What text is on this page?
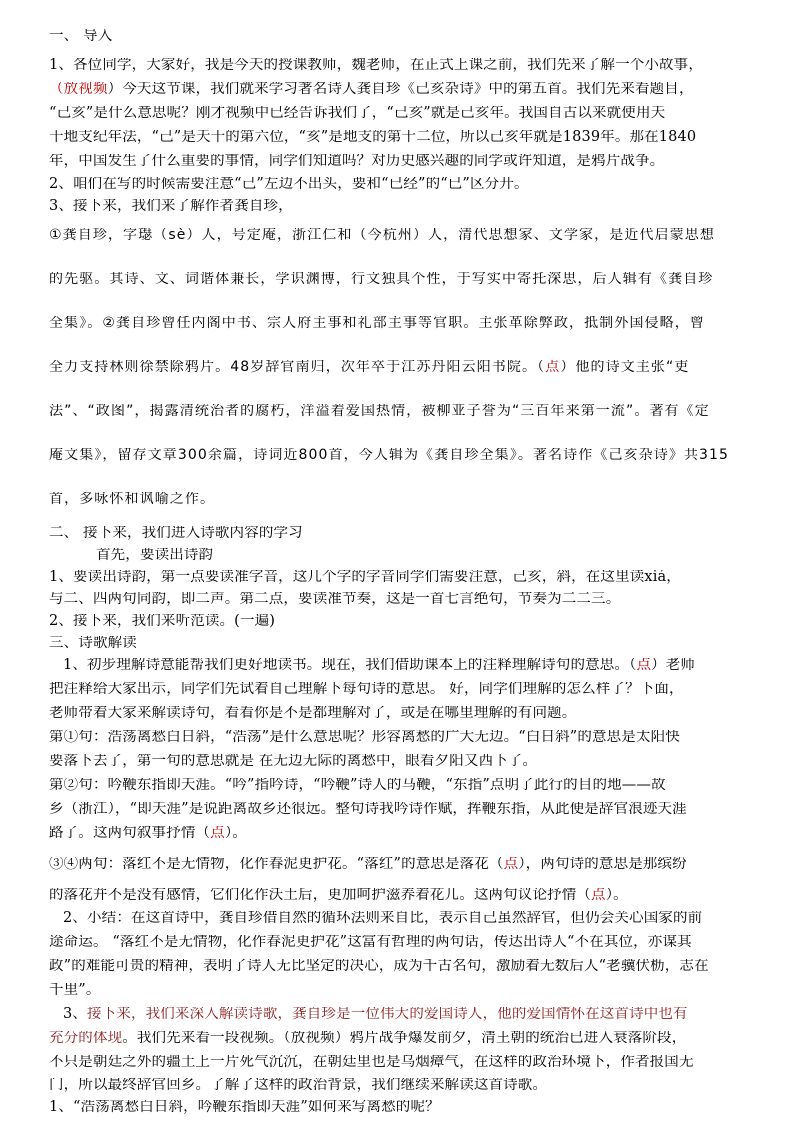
一、 导入
1、各位同学，大家好，我是今天的授课教师，魏老师，在正式上课之前，我们先来了解一个小故事，
（放视频）今天这节课，我们就来学习著名诗人龚自珍《己亥杂诗》中的第五首。我们先来看题目，
“己亥”是什么意思呢？刚才视频中已经告诉我们了，“己亥”就是己亥年。我国自古以来就使用天
干地支纪年法，“己”是天干的第六位，“亥”是地支的第十二位，所以己亥年就是1839年。那在1840
年，中国发生了什么重要的事情，同学们知道吗？对历史感兴趣的同学或许知道，是鸦片战争。
2、咱们在写的时候需要注意“己”左边不出头，要和“已经”的“已”区分开。
3、接下来，我们来了解作者龚自珍，
①龚自珍，字璱（sè）人，号定庵，浙江仁和（今杭州）人，清代思想家、文学家，是近代启蒙思想
的先驱。其诗、文、词谐体兼长，学识渊博，行文独具个性，于写实中寄托深思，后人辑有《龚自珍
全集》。②龚自珍曾任内阁中书、宗人府主事和礼部主事等官职。主张革除弊政，抵制外国侵略，曾
全力支持林则徐禁除鸦片。48岁辞官南归，次年卒于江苏丹阳云阳书院。（点）他的诗文主张“吏
法”、“政图”，揭露清统治者的腐朽，洋溢着爱国热情，被柳亚子誉为“三百年来第一流”。著有《定
庵文集》，留存文章300余篇，诗词近800首，今人辑为《龚自珍全集》。著名诗作《己亥杂诗》共315
首，多咏怀和讽喻之作。
二、 接下来，我们进入诗歌内容的学习
首先，要读出诗韵
1、要读出诗韵，第一点要读准字音，这几个字的字音同学们需要注意，己亥，斜，在这里读xiá，
与二、四两句同韵，即二声。第二点，要读准节奏，这是一首七言绝句，节奏为二二三。
2、接下来，我们来听范读。(一遍)
三、诗歌解读
1、初步理解诗意能帮我们更好地读书。现在，我们借助课本上的注释理解诗句的意思。（点）老师
把注释给大家出示，同学们先试着自己理解下每句诗的意思。 好，同学们理解的怎么样了？下面，
老师带着大家来解读诗句，看看你是不是都理解对了，或是在哪里理解的有问题。
第①句：浩荡离愁白日斜，“浩荡”是什么意思呢？形容离愁的广大无边。“白日斜”的意思是太阳快
要落下去了，第一句的意思就是 在无边无际的离愁中，眼看夕阳又西下了。
第②句：吟鞭东指即天涯。“吟”指吟诗，“吟鞭”诗人的马鞭，“东指”点明了此行的目的地——故
乡（浙江），“即天涯”是说距离故乡还很远。整句诗我吟诗作赋，挥鞭东指，从此便是辞官浪迹天涯
路了。这两句叙事抒情（点）。
③④两句：落红不是无情物，化作春泥更护花。“落红”的意思是落花（点），两句诗的意思是那缤纷
的落花并不是没有感情，它们化作沃土后，更加呵护滋养着花儿。这两句议论抒情（点）。
2、小结：在这首诗中，龚自珍借自然的循环法则来自比，表示自己虽然辞官，但仍会关心国家的前
途命运。 “落红不是无情物，化作春泥更护花”这富有哲理的两句话，传达出诗人“不在其位，亦谋其
政”的难能可贵的精神，表明了诗人无比坚定的决心，成为千古名句，激励着无数后人“老骥伏枥，志在
千里”。
3、接下来，我们来深入解读诗歌，龚自珍是一位伟大的爱国诗人，他的爱国情怀在这首诗中也有
充分的体现。我们先来看一段视频。（放视频）鸦片战争爆发前夕，清王朝的统治已进入衰落阶段，
不只是朝廷之外的疆土上一片死气沉沉，在朝廷里也是乌烟瘴气，在这样的政治环境下，作者报国无
门，所以最终辞官回乡。了解了这样的政治背景，我们继续来解读这首诗歌。
1、“浩荡离愁白日斜，吟鞭东指即天涯”如何来写离愁的呢？
